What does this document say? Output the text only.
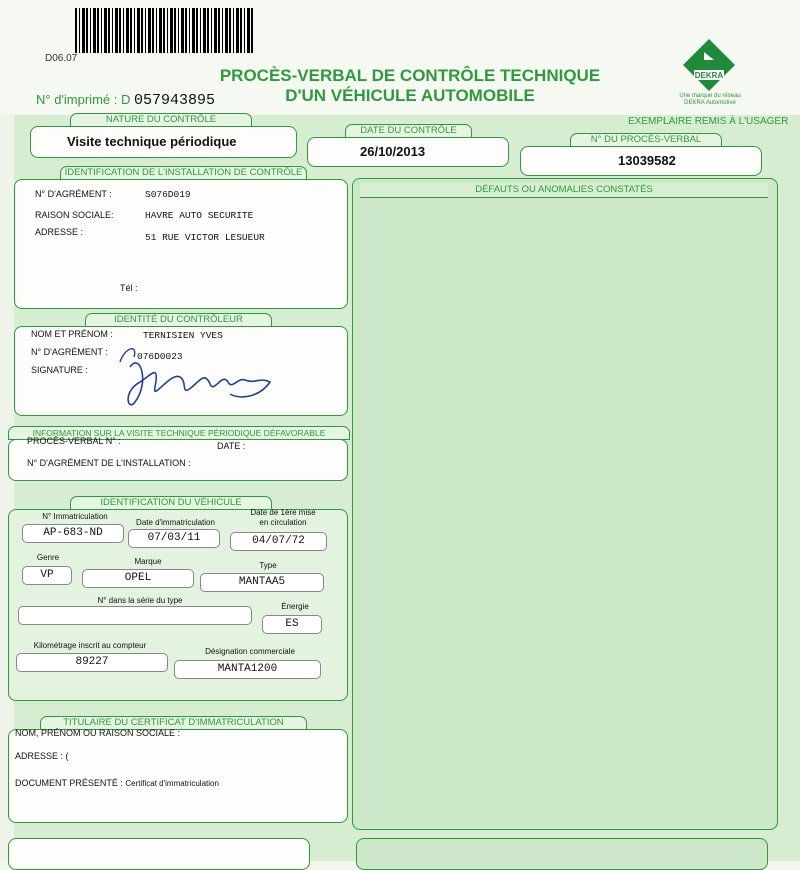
D06.07
PROCÈS-VERBAL DE CONTRÔLE TECHNIQUE
D'UN VÉHICULE AUTOMOBILE
N° d'imprimé : D 057943895
DEKRA
Une marque du réseau
DEKRA Automotive
EXEMPLAIRE REMIS À L'USAGER
NATURE DU CONTRÔLE
Visite technique périodique
DATE DU CONTRÔLE
26/10/2013
N° DU PROCÈS-VERBAL
13039582
IDENTIFICATION DE L'INSTALLATION DE CONTRÔLE
N° D'AGRÉMENT :	S076D019
RAISON SOCIALE:	HAVRE AUTO SECURITE
ADRESSE :	51 RUE VICTOR LESUEUR
Tél :
IDENTITÉ DU CONTRÔLEUR
NOM ET PRÉNOM :	TERNISIEN YVES
N° D'AGRÉMENT :	076D0023
SIGNATURE :
INFORMATION SUR LA VISITE TECHNIQUE PÉRIODIQUE DÉFAVORABLE
PROCÈS-VERBAL N° :	DATE :
N° D'AGRÉMENT DE L'INSTALLATION :
IDENTIFICATION DU VÉHICULE
N° Immatriculation
AP-683-ND
Date d'immatriculation
07/03/11
Date de 1ère mise
en circulation
04/07/72
Genre
VP
Marque
OPEL
Type
MANTAA5
N° dans la série du type
Énergie
ES
Kilométrage inscrit au compteur
89227
Désignation commerciale
MANTA1200
TITULAIRE DU CERTIFICAT D'IMMATRICULATION
NOM, PRÉNOM OU RAISON SOCIALE :
ADRESSE : (
DOCUMENT PRÉSENTÉ : Certificat d'immatriculation
DÉFAUTS OU ANOMALIES CONSTATÉS
